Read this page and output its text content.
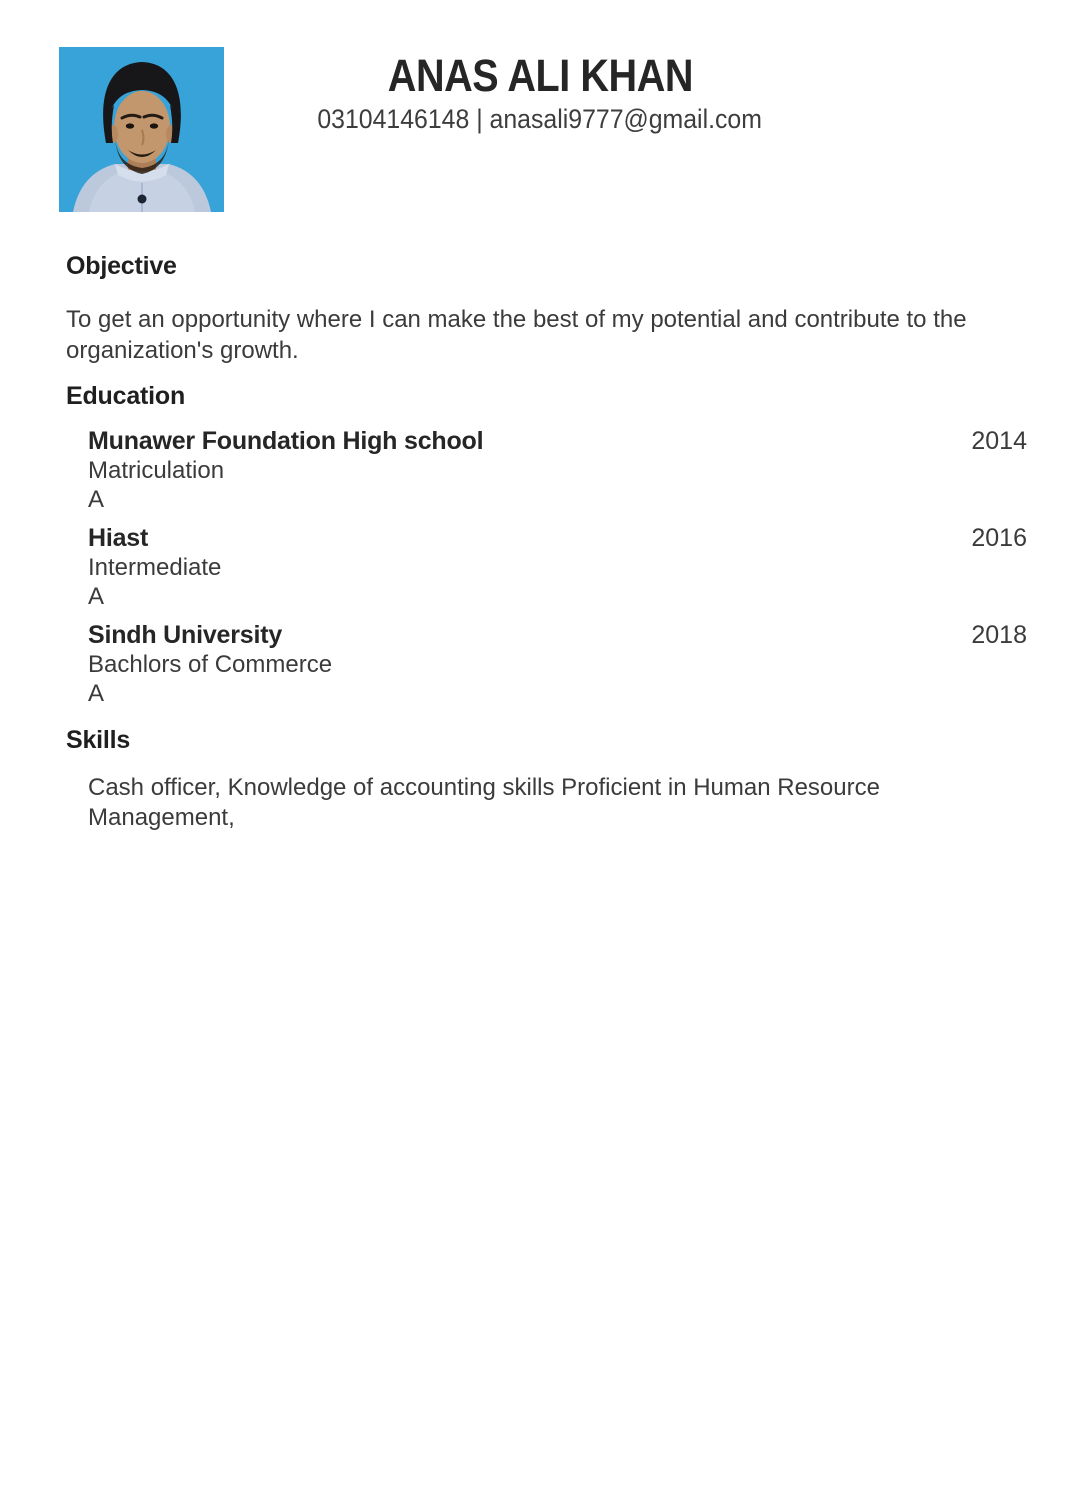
ANAS ALI KHAN
03104146148 | anasali9777@gmail.com
Objective

To get an opportunity where I can make the best of my potential and contribute to the organization's growth.

Education
Munawer Foundation High school
Matriculation
A
2014
Hiast
Intermediate
A
2016
Sindh University
Bachlors of Commerce
A
2018
Skills
Cash officer, Knowledge of accounting skills Proficient in Human Resource Management,
